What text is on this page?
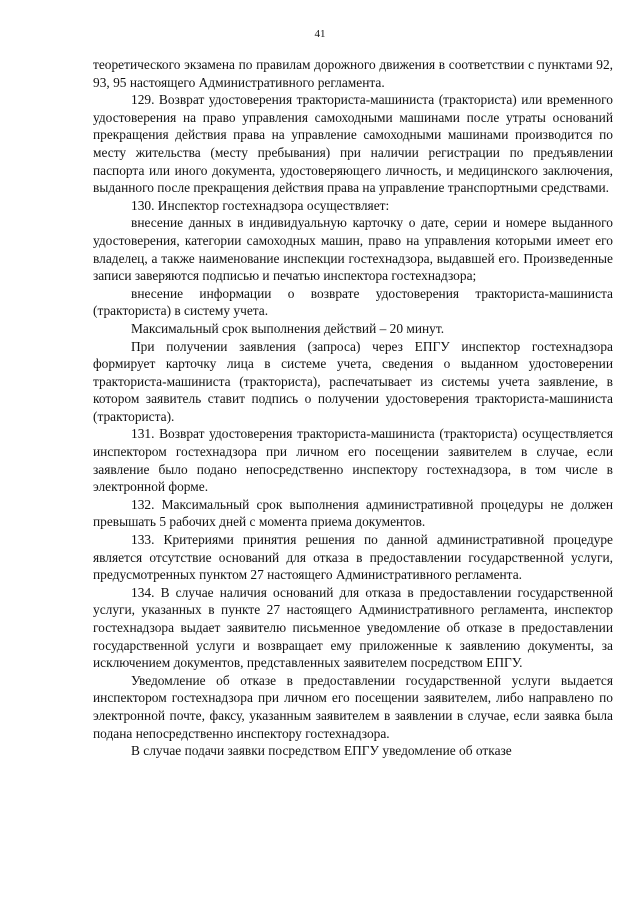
41

теоретического экзамена по правилам дорожного движения в соответствии с пунктами 92, 93, 95 настоящего Административного регламента.

129. Возврат удостоверения тракториста-машиниста (тракториста) или временного удостоверения на право управления самоходными машинами после утраты оснований прекращения действия права на управление самоходными машинами производится по месту жительства (месту пребывания) при наличии регистрации по предъявлении паспорта или иного документа, удостоверяющего личность, и медицинского заключения, выданного после прекращения действия права на управление транспортными средствами.

130. Инспектор гостехнадзора осуществляет:

внесение данных в индивидуальную карточку о дате, серии и номере выданного удостоверения, категории самоходных машин, право на управления которыми имеет его владелец, а также наименование инспекции гостехнадзора, выдавшей его. Произведенные записи заверяются подписью и печатью инспектора гостехнадзора;

внесение информации о возврате удостоверения тракториста-машиниста (тракториста) в систему учета.

Максимальный срок выполнения действий – 20 минут.

При получении заявления (запроса) через ЕПГУ инспектор гостехнадзора формирует карточку лица в системе учета, сведения о выданном удостоверении тракториста-машиниста (тракториста), распечатывает из системы учета заявление, в котором заявитель ставит подпись о получении удостоверения тракториста-машиниста (тракториста).

131. Возврат удостоверения тракториста-машиниста (тракториста) осуществляется инспектором гостехнадзора при личном его посещении заявителем в случае, если заявление было подано непосредственно инспектору гостехнадзора, в том числе в электронной форме.

132. Максимальный срок выполнения административной процедуры не должен превышать 5 рабочих дней с момента приема документов.

133. Критериями принятия решения по данной административной процедуре является отсутствие оснований для отказа в предоставлении государственной услуги, предусмотренных пунктом 27 настоящего Административного регламента.

134. В случае наличия оснований для отказа в предоставлении государственной услуги, указанных в пункте 27 настоящего Административного регламента, инспектор гостехнадзора выдает заявителю письменное уведомление об отказе в предоставлении государственной услуги и возвращает ему приложенные к заявлению документы, за исключением документов, представленных заявителем посредством ЕПГУ.

Уведомление об отказе в предоставлении государственной услуги выдается инспектором гостехнадзора при личном его посещении заявителем, либо направлено по электронной почте, факсу, указанным заявителем в заявлении в случае, если заявка была подана непосредственно инспектору гостехнадзора.

В случае подачи заявки посредством ЕПГУ уведомление об отказе
